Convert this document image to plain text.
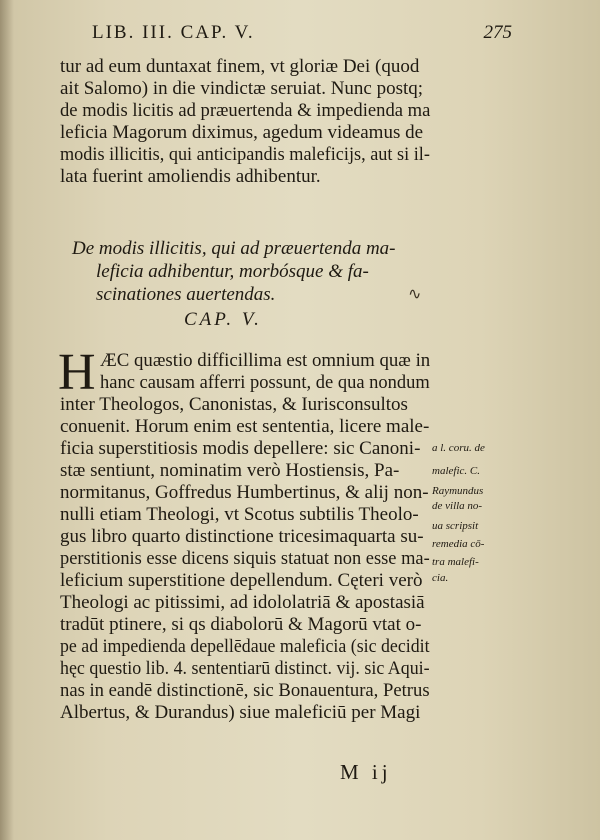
LIB. III. CAP. V.	275
tur ad eum duntaxat finem, vt gloriæ Dei (quod
ait Salomo) in die vindictæ seruiat. Nunc postq;
de modis licitis ad præuertenda & impedienda ma
leficia Magorum diximus, agedum videamus de
modis illicitis, qui anticipandis maleficijs, aut si il-
lata fuerint amoliendis adhibentur.
De modis illicitis, qui ad præuertenda ma-
leficia adhibentur, morbósque & fa-
scinationes auertendas.
CAP. V.
∿
H ÆC quæstio difficillima est omnium quæ in
hanc causam afferri possunt, de qua nondum
inter Theologos, Canonistas, & Iurisconsultos
conuenit. Horum enim est sententia, licere male-
ficia superstitiosis modis depellere: sic Canoni-
stæ sentiunt, nominatim verò Hostiensis, Pa-
normitanus, Goffredus Humbertinus, & alij non-
nulli etiam Theologi, vt Scotus subtilis Theolo-
gus libro quarto distinctione tricesimaquarta su-
perstitionis esse dicens siquis statuat non esse ma-
leficium superstitione depellendum. Cęteri verò
Theologi ac pitissimi, ad idololatriā & apostasiā
tradūt ptinere, si qs diabolorū & Magorū vtat o-
pe ad impedienda depellēdaue maleficia (sic decidit
hęc questio lib. 4. sententiarū distinct. vij. sic Aqui-
nas in eandē distinctionē, sic Bonauentura, Petrus
Albertus, & Durandus) siue maleficiū per Magi
a l. coru. de
malefic. C.
Raymundus
de villa no-
ua scripsit
remedia cō-
tra malefi-
cia.
M ij
